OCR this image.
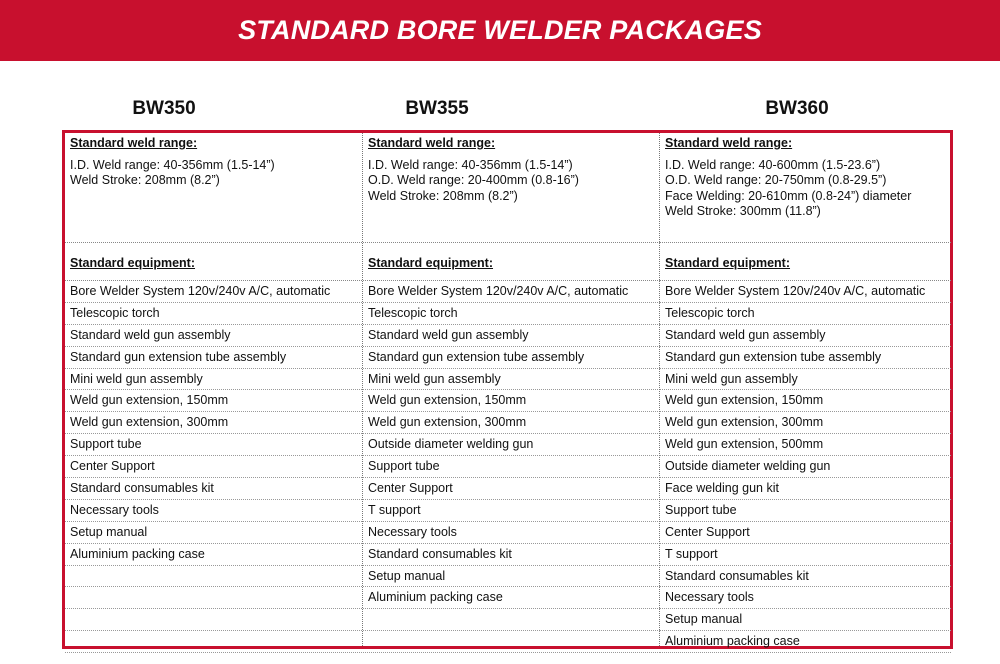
STANDARD BORE WELDER PACKAGES
BW350	BW355	BW360
Standard weld range:
I.D. Weld range: 40-356mm (1.5-14”)
Weld Stroke: 208mm (8.2”)
Standard equipment:
Bore Welder System 120v/240v A/C, automatic
Telescopic torch
Standard weld gun assembly
Standard gun extension tube assembly
Mini weld gun assembly
Weld gun extension, 150mm
Weld gun extension, 300mm
Support tube
Center Support
Standard consumables kit
Necessary tools
Setup manual
Aluminium packing case
Standard weld range:
I.D. Weld range: 40-356mm (1.5-14”)
O.D. Weld range: 20-400mm (0.8-16”)
Weld Stroke: 208mm (8.2”)
Standard equipment:
Bore Welder System 120v/240v A/C, automatic
Telescopic torch
Standard weld gun assembly
Standard gun extension tube assembly
Mini weld gun assembly
Weld gun extension, 150mm
Weld gun extension, 300mm
Outside diameter welding gun
Support tube
Center Support
T support
Necessary tools
Standard consumables kit
Setup manual
Aluminium packing case
Standard weld range:
I.D. Weld range: 40-600mm (1.5-23.6”)
O.D. Weld range: 20-750mm (0.8-29.5”)
Face Welding: 20-610mm (0.8-24”) diameter
Weld Stroke: 300mm (11.8”)
Standard equipment:
Bore Welder System 120v/240v A/C, automatic
Telescopic torch
Standard weld gun assembly
Standard gun extension tube assembly
Mini weld gun assembly
Weld gun extension, 150mm
Weld gun extension, 300mm
Weld gun extension, 500mm
Outside diameter welding gun
Face welding gun kit
Support tube
Center Support
T support
Standard consumables kit
Necessary tools
Setup manual
Aluminium packing case
